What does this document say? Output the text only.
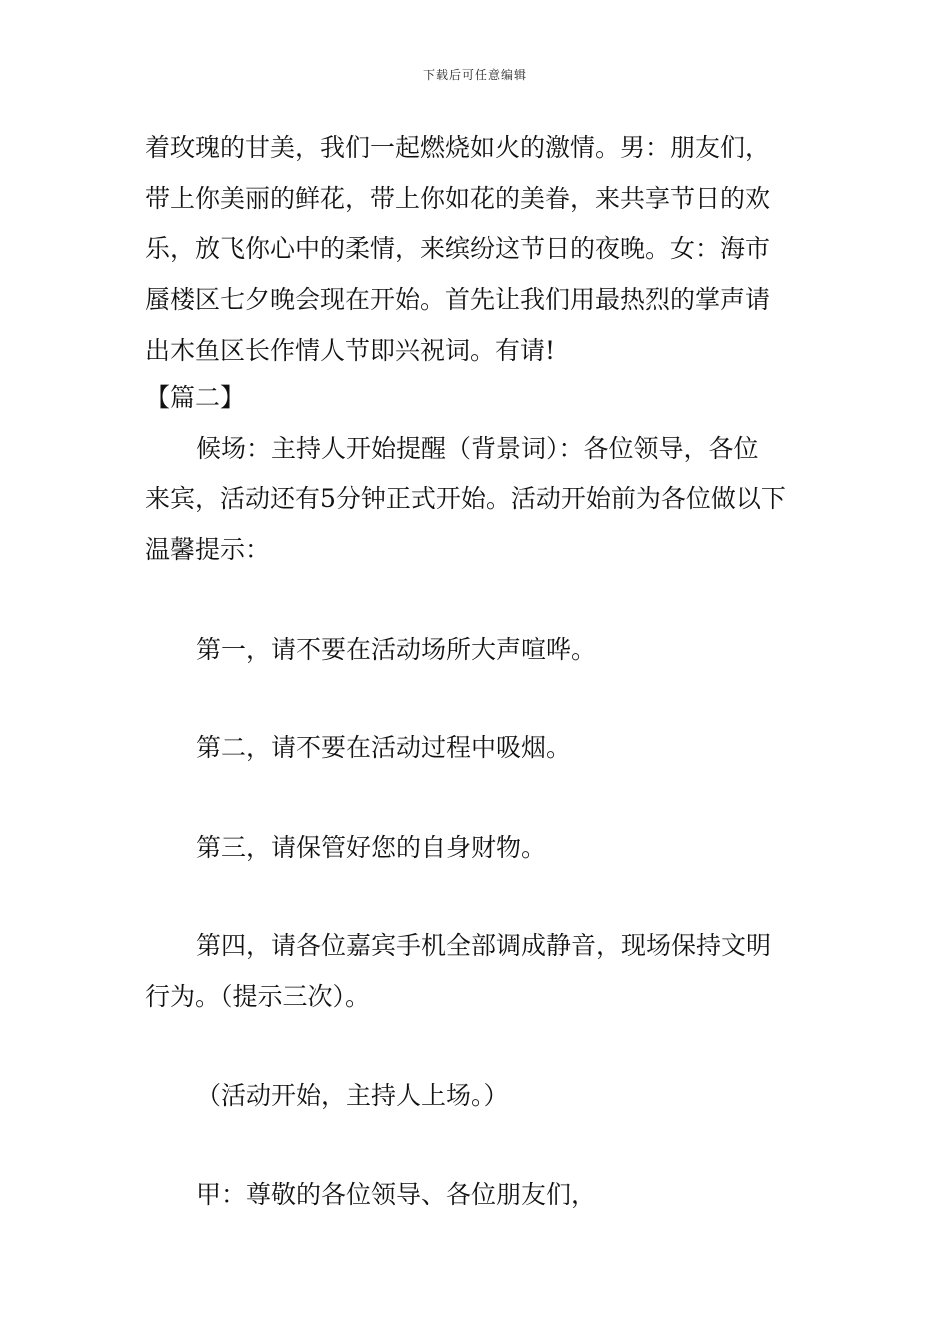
下载后可任意编辑
着玫瑰的甘美，我们一起燃烧如火的激情。男：朋友们，
带上你美丽的鲜花，带上你如花的美眷，来共享节日的欢
乐，放飞你心中的柔情，来缤纷这节日的夜晚。女：海市
蜃楼区七夕晚会现在开始。首先让我们用最热烈的掌声请
出木鱼区长作情人节即兴祝词。有请!
【篇二】
候场：主持人开始提醒（背景词）：各位领导，各位
来宾，活动还有5分钟正式开始。活动开始前为各位做以下
温馨提示：
第一，请不要在活动场所大声喧哗。
第二，请不要在活动过程中吸烟。
第三，请保管好您的自身财物。
第四，请各位嘉宾手机全部调成静音，现场保持文明
行为。（提示三次）。
（活动开始，主持人上场。）
甲：尊敬的各位领导、各位朋友们，
